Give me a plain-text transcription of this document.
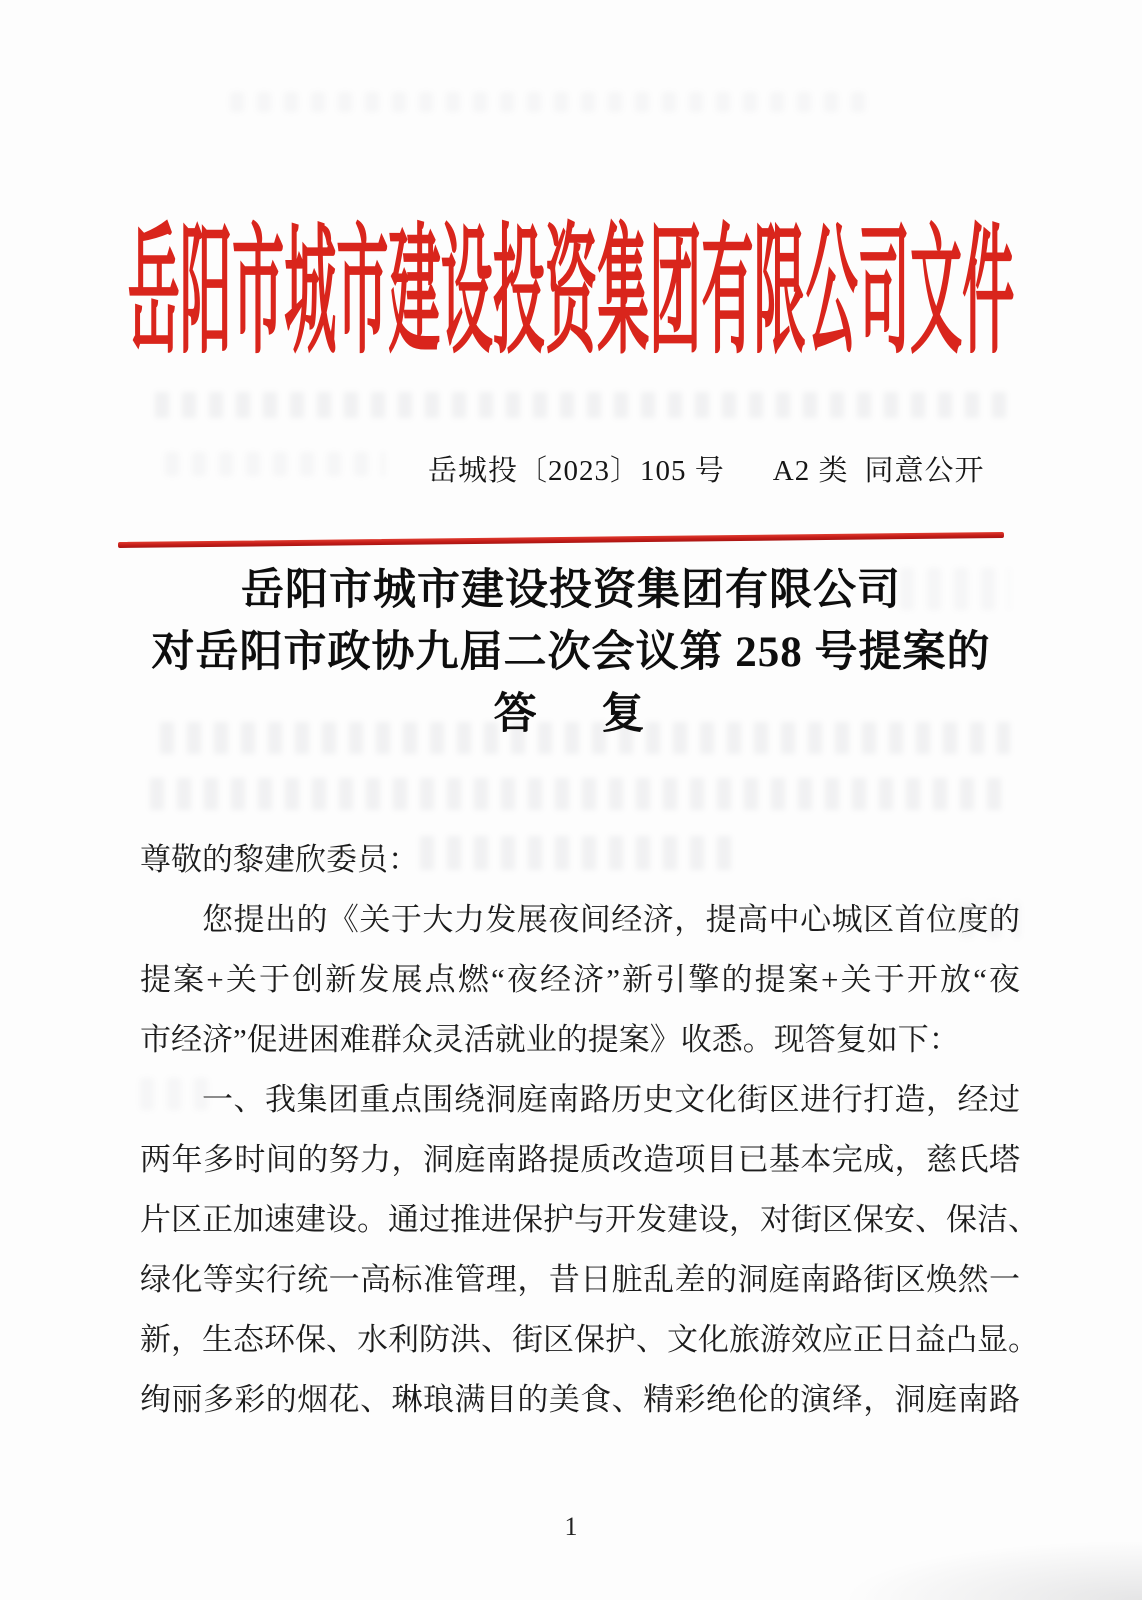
岳阳市城市建设投资集团有限公司文件
岳城投〔2023〕105 号 A2 类 同意公开
岳阳市城市建设投资集团有限公司
对岳阳市政协九届二次会议第 258 号提案的
答 复
尊敬的黎建欣委员：
您提出的《关于大力发展夜间经济，提高中心城区首位度的
提案+关于创新发展点燃“夜经济”新引擎的提案+关于开放“夜
市经济”促进困难群众灵活就业的提案》收悉。现答复如下：
一、我集团重点围绕洞庭南路历史文化街区进行打造，经过
两年多时间的努力，洞庭南路提质改造项目已基本完成，慈氏塔
片区正加速建设。通过推进保护与开发建设，对街区保安、保洁、
绿化等实行统一高标准管理，昔日脏乱差的洞庭南路街区焕然一
新，生态环保、水利防洪、街区保护、文化旅游效应正日益凸显。
绚丽多彩的烟花、琳琅满目的美食、精彩绝伦的演绎，洞庭南路
1
